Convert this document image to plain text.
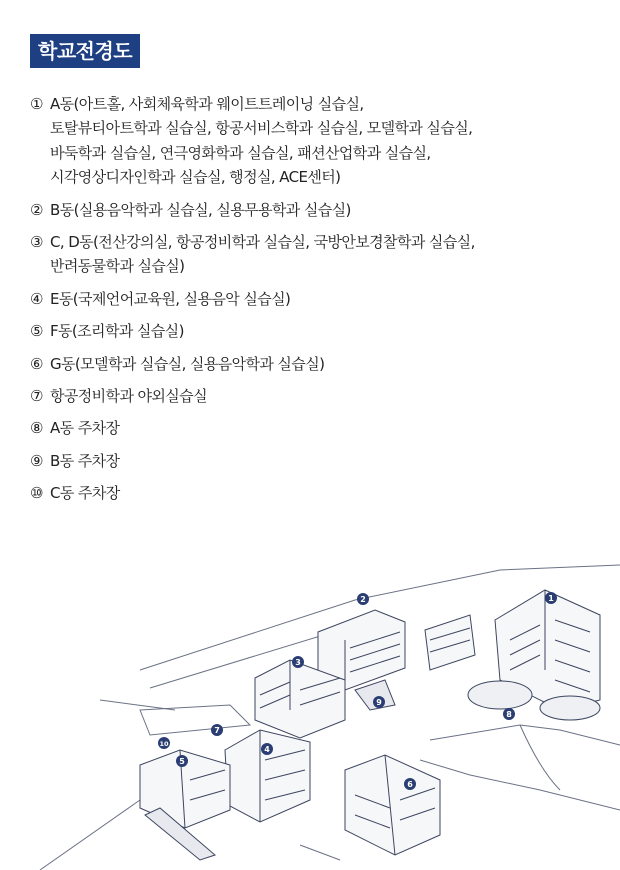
학교전경도
① A동(아트홀, 사회체육학과 웨이트트레이닝 실습실,
토탈뷰티아트학과 실습실, 항공서비스학과 실습실, 모델학과 실습실,
바둑학과 실습실, 연극영화학과 실습실, 패션산업학과 실습실,
시각영상디자인학과 실습실, 행정실, ACE센터)
② B동(실용음악학과 실습실, 실용무용학과 실습실)
③ C, D동(전산강의실, 항공정비학과 실습실, 국방안보경찰학과 실습실,
반려동물학과 실습실)
④ E동(국제언어교육원, 실용음악 실습실)
⑤ F동(조리학과 실습실)
⑥ G동(모델학과 실습실, 실용음악학과 실습실)
⑦ 항공정비학과 야외실습실
⑧ A동 주차장
⑨ B동 주차장
⑩ C동 주차장
1
2
3
4
5
6
7
8
9
10
